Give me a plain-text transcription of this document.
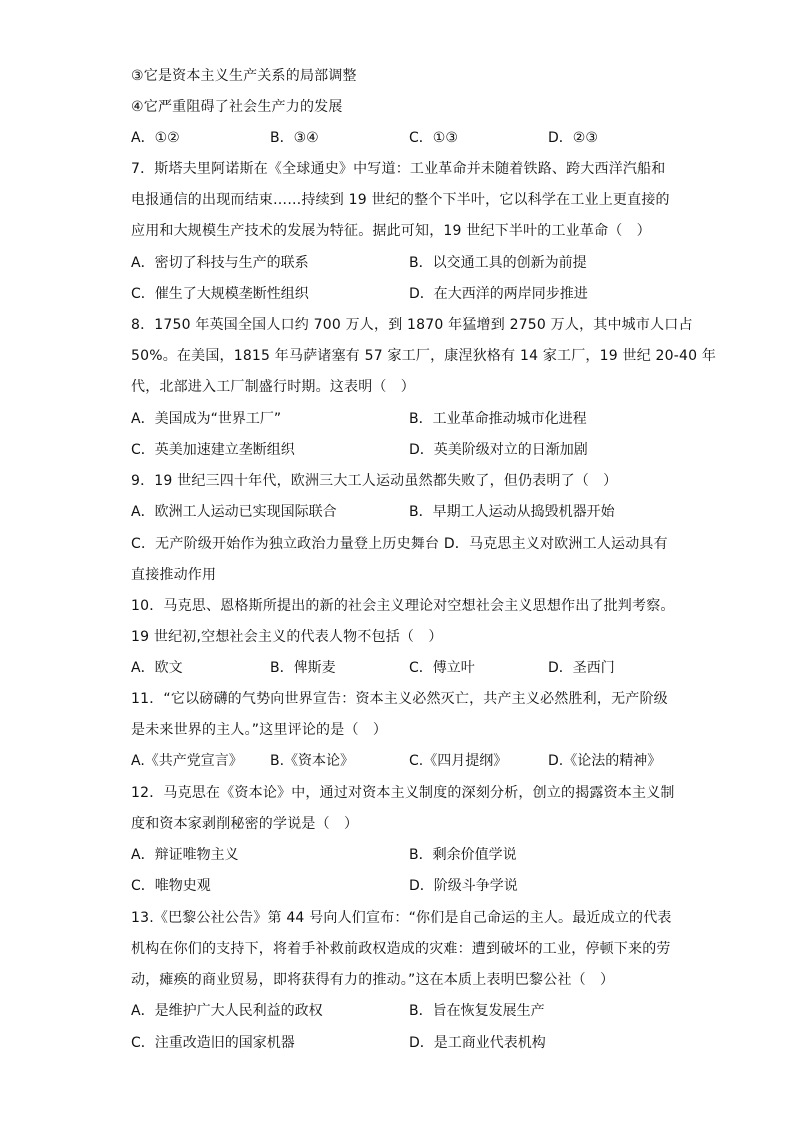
③它是资本主义生产关系的局部调整
④它严重阻碍了社会生产力的发展
A．①②	B．③④	C．①③	D．②③
7．斯塔夫里阿诺斯在《全球通史》中写道：工业革命并未随着铁路、跨大西洋汽船和
电报通信的出现而结束……持续到 19 世纪的整个下半叶，它以科学在工业上更直接的
应用和大规模生产技术的发展为特征。据此可知，19 世纪下半叶的工业革命（　）
A．密切了科技与生产的联系	B．以交通工具的创新为前提
C．催生了大规模垄断性组织	D．在大西洋的两岸同步推进
8．1750 年英国全国人口约 700 万人，到 1870 年猛增到 2750 万人，其中城市人口占
50%。在美国，1815 年马萨诸塞有 57 家工厂，康涅狄格有 14 家工厂，19 世纪 20-40 年
代，北部进入工厂制盛行时期。这表明（　）
A．美国成为“世界工厂”	B．工业革命推动城市化进程
C．英美加速建立垄断组织	D．英美阶级对立的日渐加剧
9．19 世纪三四十年代，欧洲三大工人运动虽然都失败了，但仍表明了（　）
A．欧洲工人运动已实现国际联合	B．早期工人运动从捣毁机器开始
C．无产阶级开始作为独立政治力量登上历史舞台 D．马克思主义对欧洲工人运动具有
直接推动作用
10．马克思、恩格斯所提出的新的社会主义理论对空想社会主义思想作出了批判考察。
19 世纪初,空想社会主义的代表人物不包括（　）
A．欧文	B．俾斯麦	C．傅立叶	D．圣西门
11．“它以磅礴的气势向世界宣告：资本主义必然灭亡，共产主义必然胜利，无产阶级
是未来世界的主人。”这里评论的是（　）
A.《共产党宣言》 B.《资本论》	C.《四月提纲》	D.《论法的精神》
12．马克思在《资本论》中，通过对资本主义制度的深刻分析，创立的揭露资本主义制
度和资本家剥削秘密的学说是（　）
A．辩证唯物主义	B．剩余价值学说
C．唯物史观	D．阶级斗争学说
13.《巴黎公社公告》第 44 号向人们宣布：“你们是自己命运的主人。最近成立的代表
机构在你们的支持下，将着手补救前政权造成的灾难：遭到破坏的工业，停顿下来的劳
动，瘫痪的商业贸易，即将获得有力的推动。”这在本质上表明巴黎公社（　）
A．是维护广大人民利益的政权	B．旨在恢复发展生产
C．注重改造旧的国家机器	D．是工商业代表机构
